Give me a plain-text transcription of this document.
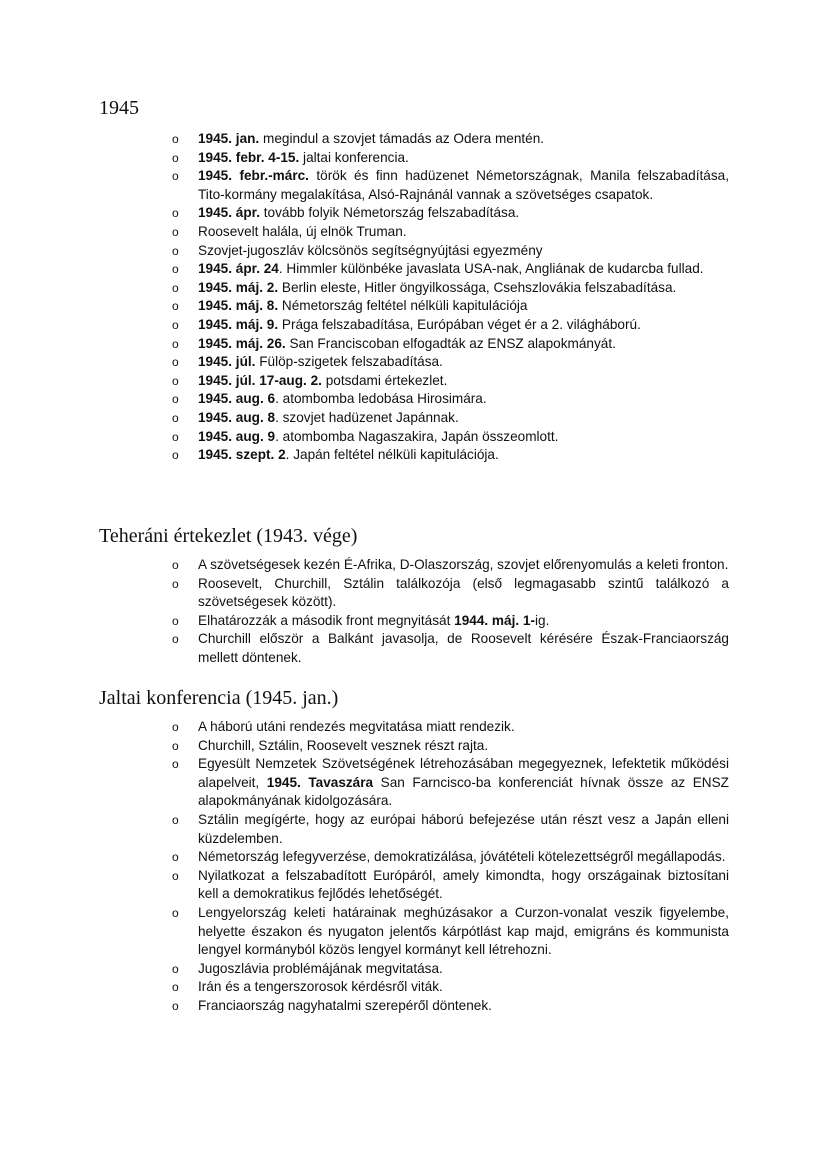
1945
o 1945. jan. megindul a szovjet támadás az Odera mentén.
o 1945. febr. 4-15. jaltai konferencia.
o 1945. febr.-márc. török és finn hadüzenet Németországnak, Manila felszabadítása, Tito-kormány megalakítása, Alsó-Rajnánál vannak a szövetséges csapatok.
o 1945. ápr. tovább folyik Németország felszabadítása.
o Roosevelt halála, új elnök Truman.
o Szovjet-jugoszláv kölcsönös segítségnyújtási egyezmény
o 1945. ápr. 24. Himmler különbéke javaslata USA-nak, Angliának de kudarcba fullad.
o 1945. máj. 2. Berlin eleste, Hitler öngyilkossága, Csehszlovákia felszabadítása.
o 1945. máj. 8. Németország feltétel nélküli kapitulációja
o 1945. máj. 9. Prága felszabadítása, Európában véget ér a 2. világháború.
o 1945. máj. 26. San Franciscoban elfogadták az ENSZ alapokmányát.
o 1945. júl. Fülöp-szigetek felszabadítása.
o 1945. júl. 17-aug. 2. potsdami értekezlet.
o 1945. aug. 6. atombomba ledobása Hirosimára.
o 1945. aug. 8. szovjet hadüzenet Japánnak.
o 1945. aug. 9. atombomba Nagaszakira, Japán összeomlott.
o 1945. szept. 2. Japán feltétel nélküli kapitulációja.
Teheráni értekezlet (1943. vége)
o A szövetségesek kezén É-Afrika, D-Olaszország, szovjet előrenyomulás a keleti fronton.
o Roosevelt, Churchill, Sztálin találkozója (első legmagasabb szintű találkozó a szövetségesek között).
o Elhatározzák a második front megnyitását 1944. máj. 1-ig.
o Churchill először a Balkánt javasolja, de Roosevelt kérésére Észak-Franciaország mellett döntenek.
Jaltai konferencia (1945. jan.)
o A háború utáni rendezés megvitatása miatt rendezik.
o Churchill, Sztálin, Roosevelt vesznek részt rajta.
o Egyesült Nemzetek Szövetségének létrehozásában megegyeznek, lefektetik működési alapelveit, 1945. Tavaszára San Farncisco-ba konferenciát hívnak össze az ENSZ alapokmányának kidolgozására.
o Sztálin megígérte, hogy az európai háború befejezése után részt vesz a Japán elleni küzdelemben.
o Németország lefegyverzése, demokratizálása, jóvátételi kötelezettségről megállapodás.
o Nyilatkozat a felszabadított Európáról, amely kimondta, hogy országainak biztosítani kell a demokratikus fejlődés lehetőségét.
o Lengyelország keleti határainak meghúzásakor a Curzon-vonalat veszik figyelembe, helyette északon és nyugaton jelentős kárpótlást kap majd, emigráns és kommunista lengyel kormányból közös lengyel kormányt kell létrehozni.
o Jugoszlávia problémájának megvitatása.
o Irán és a tengerszorosok kérdésről viták.
o Franciaország nagyhatalmi szerepéről döntenek.
